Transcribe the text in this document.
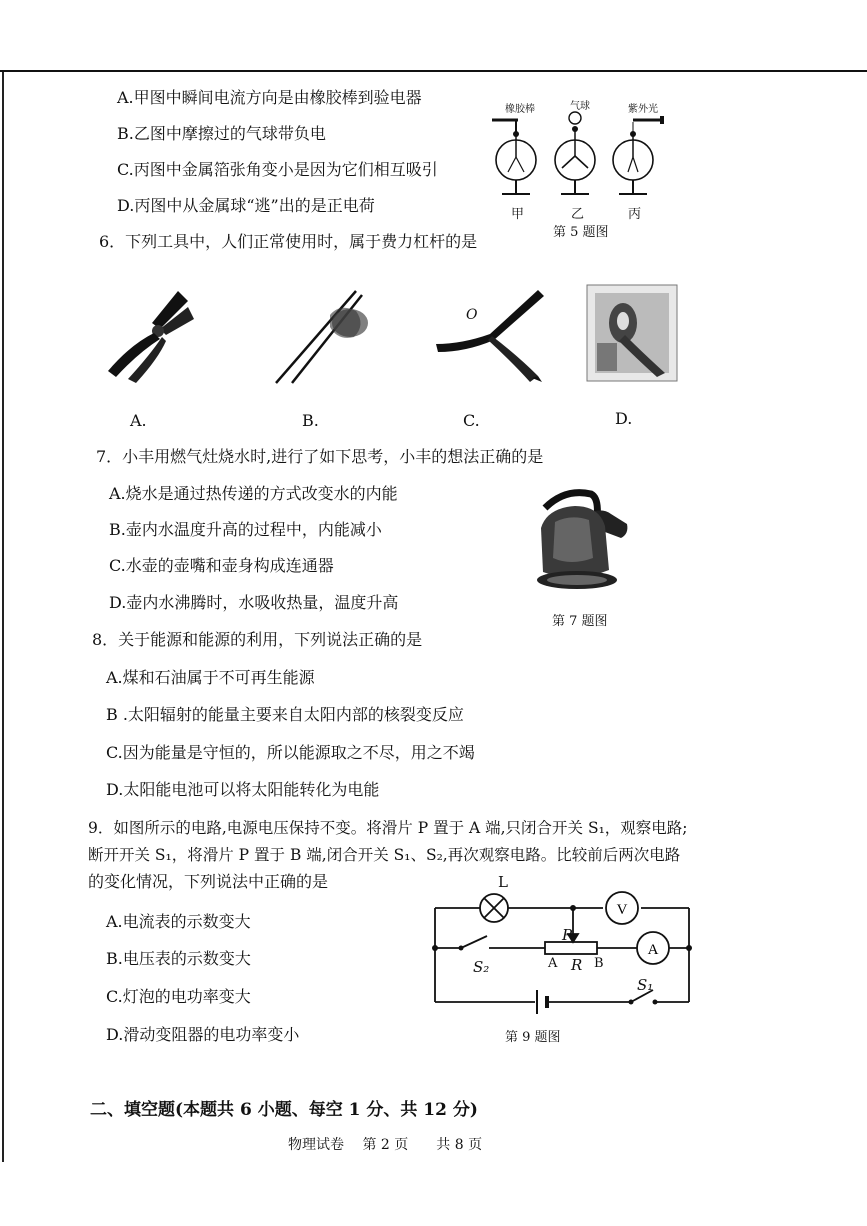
A.甲图中瞬间电流方向是由橡胶棒到验电器
B.乙图中摩擦过的气球带负电
C.丙图中金属箔张角变小是因为它们相互吸引
D.丙图中从金属球“逃”出的是正电荷
橡胶棒	气球	紫外光
甲	乙	丙
第 5 题图
6．下列工具中，人们正常使用时，属于费力杠杆的是
O
A.	B.	C.	D.
7．小丰用燃气灶烧水时,进行了如下思考，小丰的想法正确的是
A.烧水是通过热传递的方式改变水的内能
B.壶内水温度升高的过程中，内能减小
C.水壶的壶嘴和壶身构成连通器
D.壶内水沸腾时，水吸收热量，温度升高
第 7 题图
8．关于能源和能源的利用，下列说法正确的是
A.煤和石油属于不可再生能源
B .太阳辐射的能量主要来自太阳内部的核裂变反应
C.因为能量是守恒的，所以能源取之不尽，用之不竭
D.太阳能电池可以将太阳能转化为电能
9．如图所示的电路,电源电压保持不变。将滑片 P 置于 A 端,只闭合开关 S₁，观察电路;
断开开关 S₁，将滑片 P 置于 B 端,闭合开关 S₁、S₂,再次观察电路。比较前后两次电路
的变化情况，下列说法中正确的是
A.电流表的示数变大
B.电压表的示数变大
C.灯泡的电功率变大
D.滑动变阻器的电功率变小
V
A
L
P
A R B
S₂
S₁
第 9 题图
二、填空题(本题共 6 小题、每空 1 分、共 12 分)
物理试卷　 第 2 页　　共 8 页
